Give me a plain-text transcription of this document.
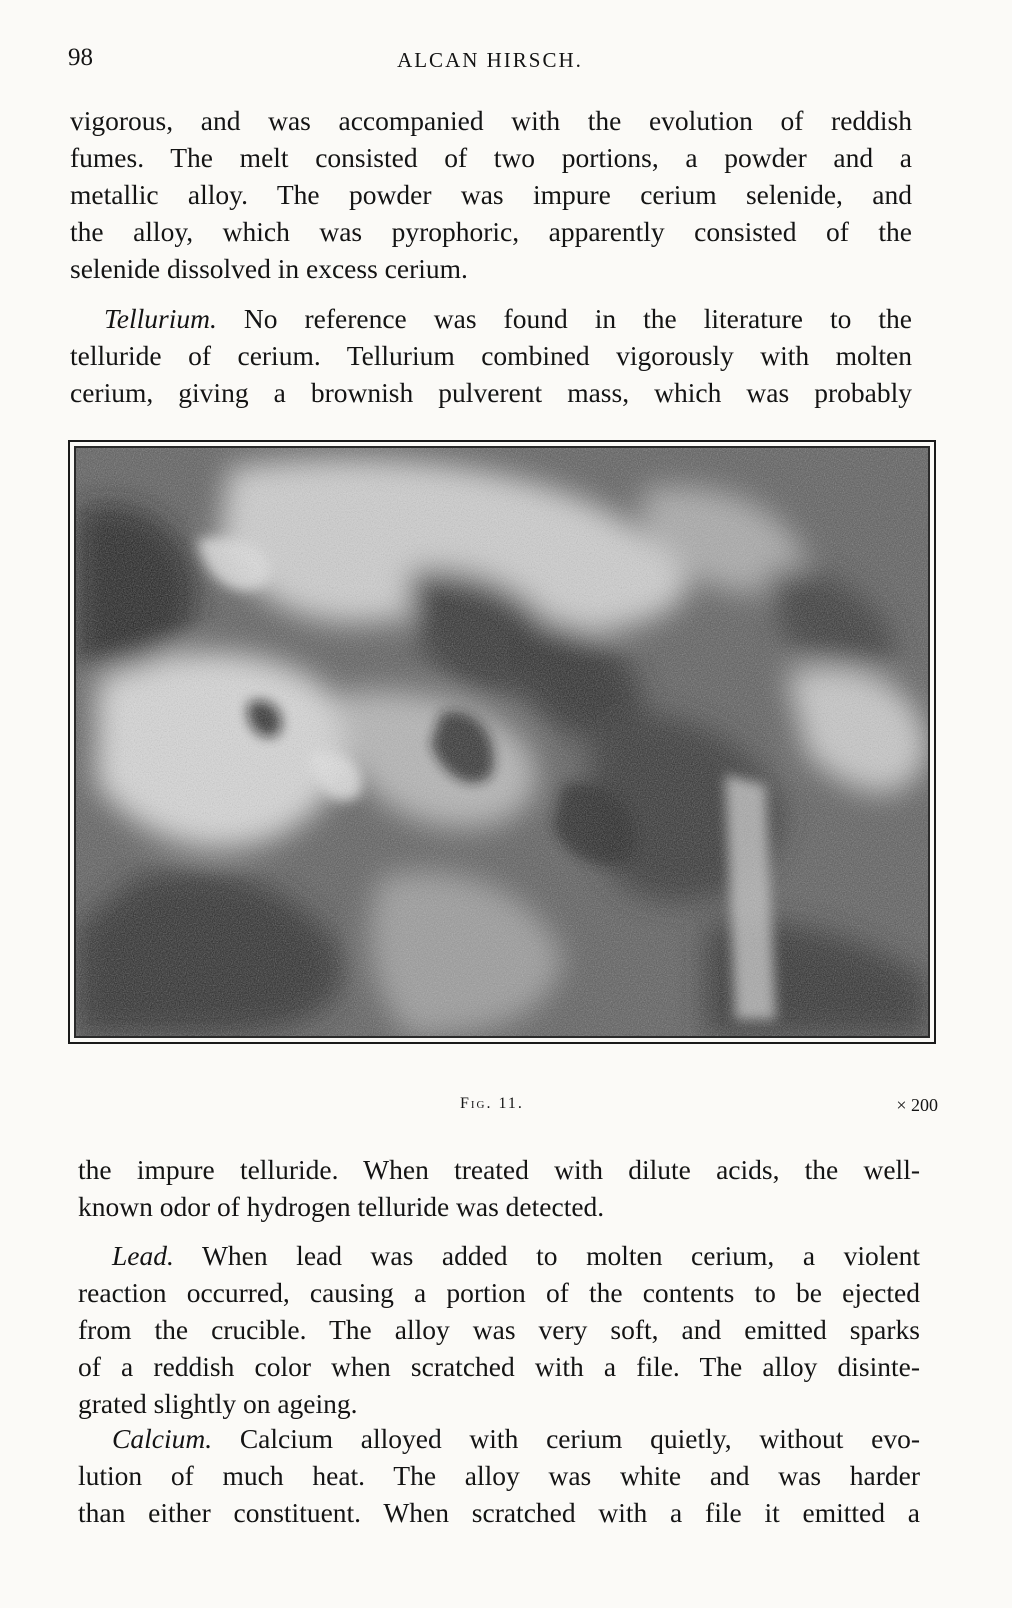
98	ALCAN HIRSCH.
vigorous, and was accompanied with the evolution of reddish
fumes. The melt consisted of two portions, a powder and a
metallic alloy. The powder was impure cerium selenide, and
the alloy, which was pyrophoric, apparently consisted of the
selenide dissolved in excess cerium.
Tellurium. No reference was found in the literature to the
telluride of cerium. Tellurium combined vigorously with molten
cerium, giving a brownish pulverent mass, which was probably
Fig. 11.	× 200
the impure telluride. When treated with dilute acids, the well-
known odor of hydrogen telluride was detected.
Lead. When lead was added to molten cerium, a violent
reaction occurred, causing a portion of the contents to be ejected
from the crucible. The alloy was very soft, and emitted sparks
of a reddish color when scratched with a file. The alloy disinte-
grated slightly on ageing.
Calcium. Calcium alloyed with cerium quietly, without evo-
lution of much heat. The alloy was white and was harder
than either constituent. When scratched with a file it emitted a
